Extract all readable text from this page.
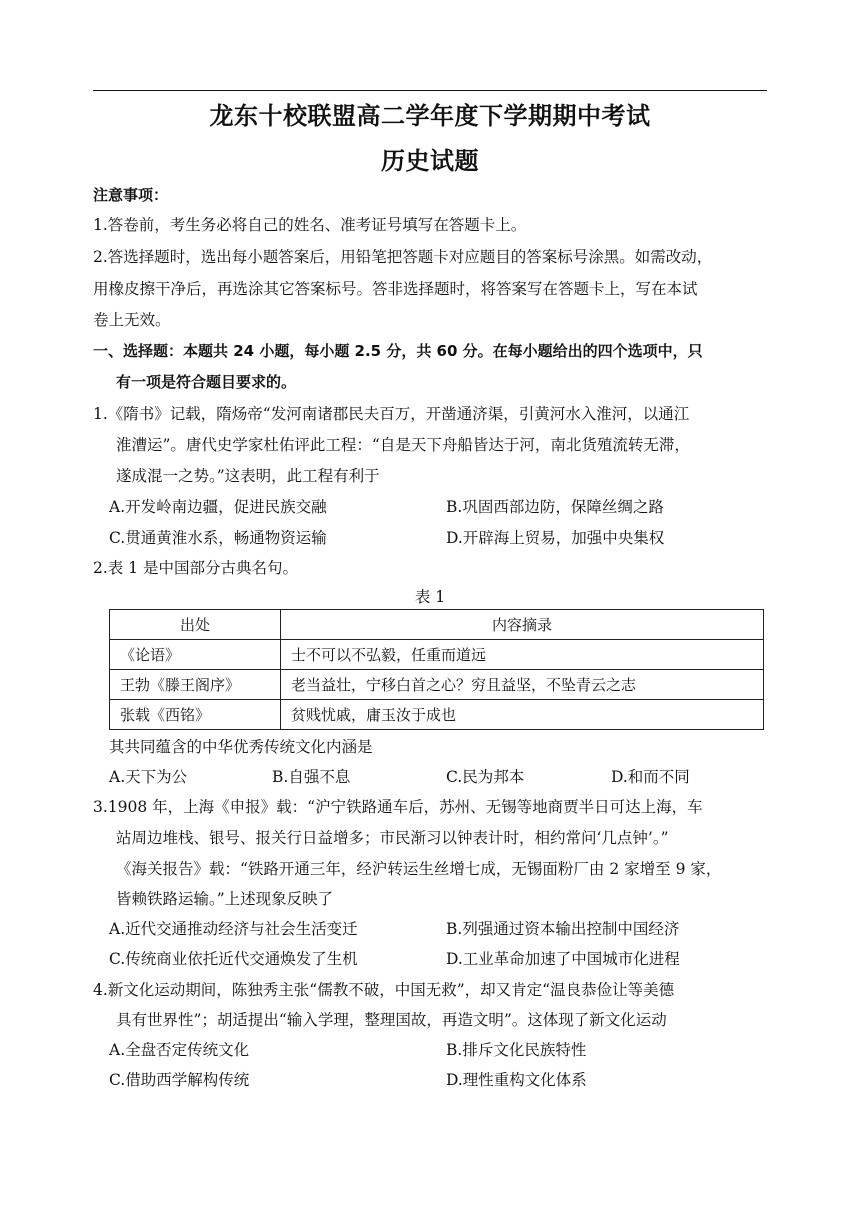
龙东十校联盟高二学年度下学期期中考试
历史试题
注意事项：
1.答卷前，考生务必将自己的姓名、准考证号填写在答题卡上。
2.答选择题时，选出每小题答案后，用铅笔把答题卡对应题目的答案标号涂黑。如需改动，
用橡皮擦干净后，再选涂其它答案标号。答非选择题时，将答案写在答题卡上，写在本试
卷上无效。
一、选择题：本题共 24 小题，每小题 2.5 分，共 60 分。在每小题给出的四个选项中，只
有一项是符合题目要求的。
1.《隋书》记载，隋炀帝“发河南诸郡民夫百万，开凿通济渠，引黄河水入淮河，以通江
淮漕运”。唐代史学家杜佑评此工程：“自是天下舟船皆达于河，南北货殖流转无滞，
遂成混一之势。”这表明，此工程有利于
A.开发岭南边疆，促进民族交融	B.巩固西部边防，保障丝绸之路
C.贯通黄淮水系，畅通物资运输	D.开辟海上贸易，加强中央集权
2.表 1 是中国部分古典名句。
表 1
出处	内容摘录
《论语》	士不可以不弘毅，任重而道远
王勃《滕王阁序》	老当益壮，宁移白首之心？穷且益坚，不坠青云之志
张载《西铭》	贫贱忧戚，庸玉汝于成也
其共同蕴含的中华优秀传统文化内涵是
A.天下为公	B.自强不息	C.民为邦本	D.和而不同
3.1908 年，上海《申报》载：“沪宁铁路通车后，苏州、无锡等地商贾半日可达上海，车
站周边堆栈、银号、报关行日益增多；市民渐习以钟表计时，相约常问‘几点钟’。”
《海关报告》载：“铁路开通三年，经沪转运生丝增七成，无锡面粉厂由 2 家增至 9 家，
皆赖铁路运输。”上述现象反映了
A.近代交通推动经济与社会生活变迁	B.列强通过资本输出控制中国经济
C.传统商业依托近代交通焕发了生机	D.工业革命加速了中国城市化进程
4.新文化运动期间，陈独秀主张“儒教不破，中国无救”，却又肯定“温良恭俭让等美德
具有世界性”；胡适提出“输入学理，整理国故，再造文明”。这体现了新文化运动
A.全盘否定传统文化	B.排斥文化民族特性
C.借助西学解构传统	D.理性重构文化体系
